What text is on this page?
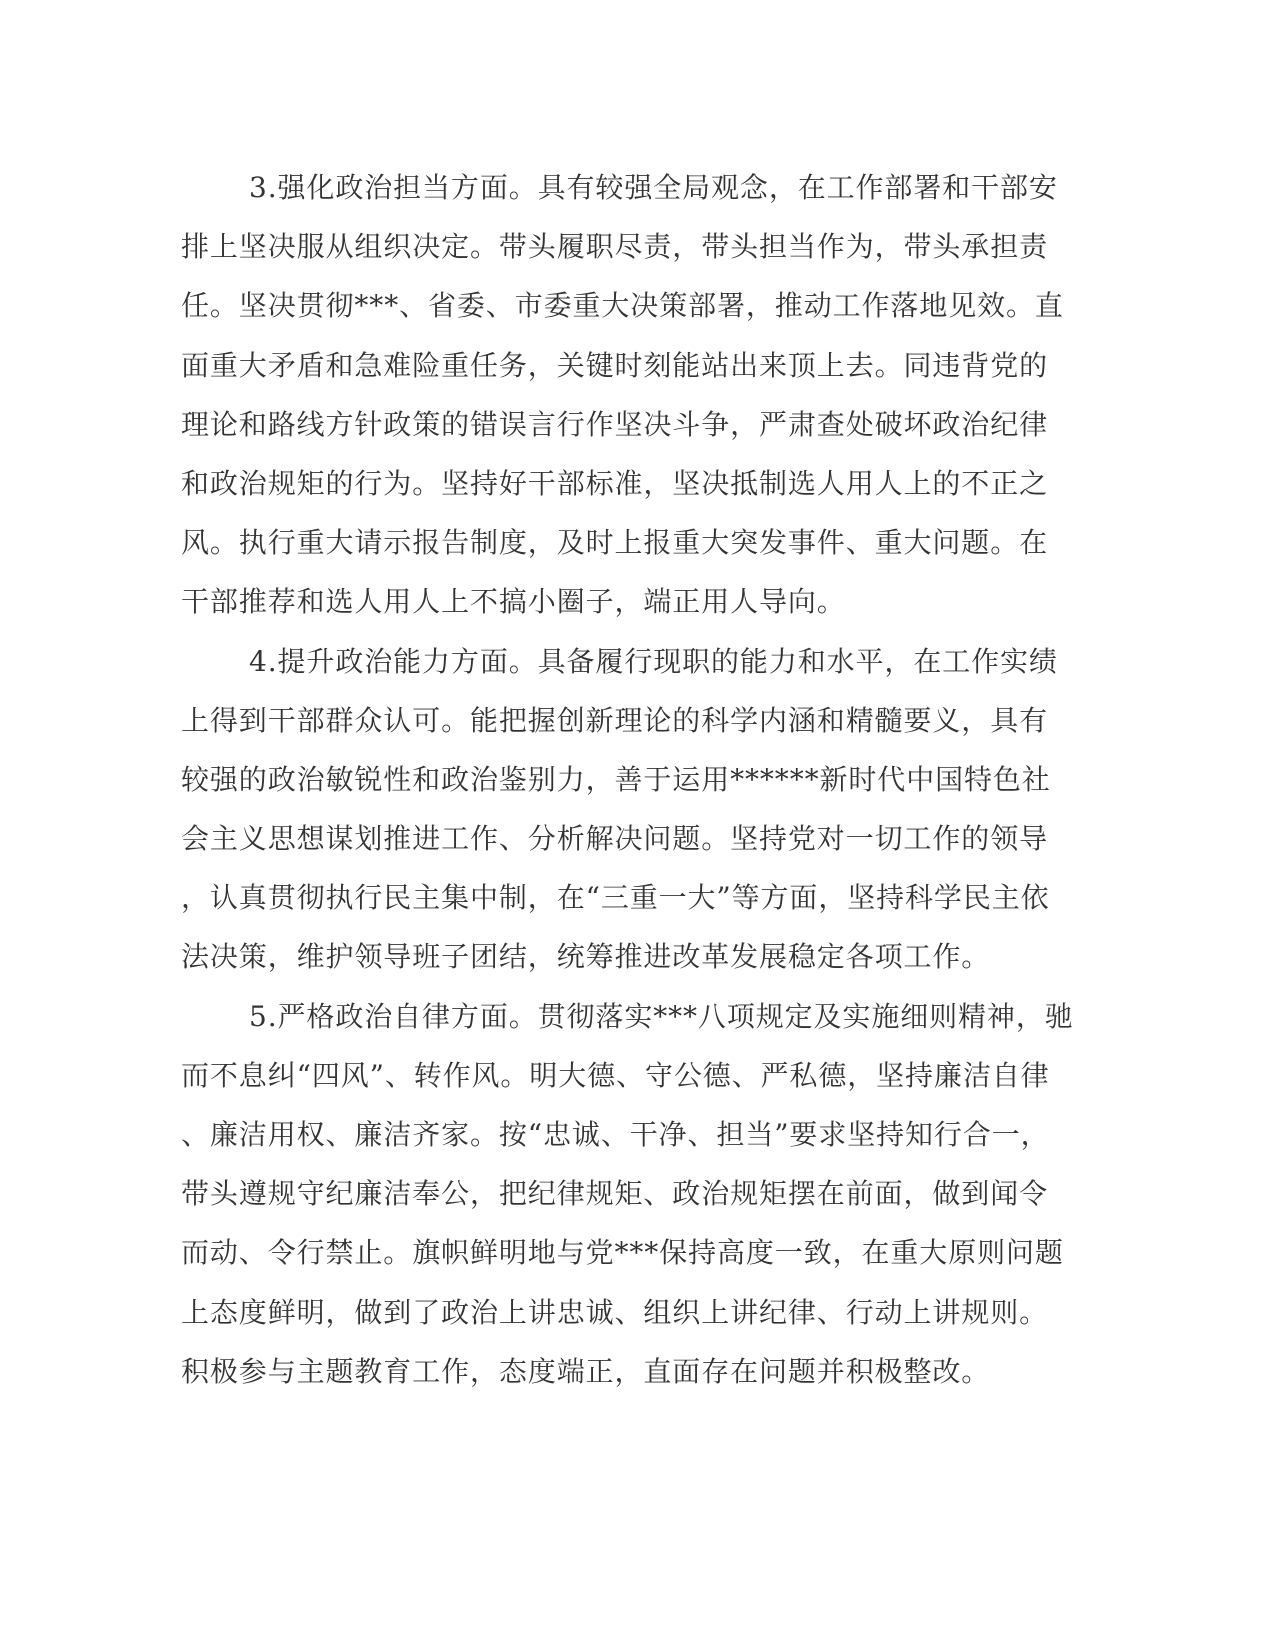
3.强化政治担当方面。具有较强全局观念，在工作部署和干部安
排上坚决服从组织决定。带头履职尽责，带头担当作为，带头承担责
任。坚决贯彻***、省委、市委重大决策部署，推动工作落地见效。直
面重大矛盾和急难险重任务，关键时刻能站出来顶上去。同违背党的
理论和路线方针政策的错误言行作坚决斗争，严肃查处破坏政治纪律
和政治规矩的行为。坚持好干部标准，坚决抵制选人用人上的不正之
风。执行重大请示报告制度，及时上报重大突发事件、重大问题。在
干部推荐和选人用人上不搞小圈子，端正用人导向。
4.提升政治能力方面。具备履行现职的能力和水平，在工作实绩
上得到干部群众认可。能把握创新理论的科学内涵和精髓要义，具有
较强的政治敏锐性和政治鉴别力，善于运用******新时代中国特色社
会主义思想谋划推进工作、分析解决问题。坚持党对一切工作的领导
，认真贯彻执行民主集中制，在“三重一大”等方面，坚持科学民主依
法决策，维护领导班子团结，统筹推进改革发展稳定各项工作。
5.严格政治自律方面。贯彻落实***八项规定及实施细则精神，驰
而不息纠“四风”、转作风。明大德、守公德、严私德，坚持廉洁自律
、廉洁用权、廉洁齐家。按“忠诚、干净、担当”要求坚持知行合一，
带头遵规守纪廉洁奉公，把纪律规矩、政治规矩摆在前面，做到闻令
而动、令行禁止。旗帜鲜明地与党***保持高度一致，在重大原则问题
上态度鲜明，做到了政治上讲忠诚、组织上讲纪律、行动上讲规则。
积极参与主题教育工作，态度端正，直面存在问题并积极整改。
